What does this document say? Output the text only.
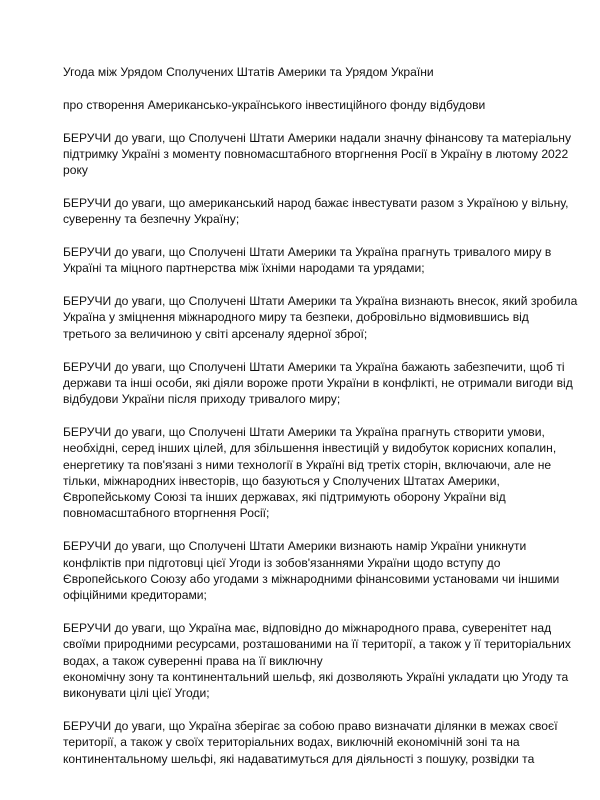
Угода між Урядом Сполучених Штатів Америки та Урядом України

про створення Американсько-українського інвестиційного фонду відбудови

БЕРУЧИ до уваги, що Сполучені Штати Америки надали значну фінансову та матеріальну
підтримку Україні з моменту повномасштабного вторгнення Росії в Україну в лютому 2022
року

БЕРУЧИ до уваги, що американський народ бажає інвестувати разом з Україною у вільну,
суверенну та безпечну Україну;

БЕРУЧИ до уваги, що Сполучені Штати Америки та Україна прагнуть тривалого миру в
Україні та міцного партнерства між їхніми народами та урядами;

БЕРУЧИ до уваги, що Сполучені Штати Америки та Україна визнають внесок, який зробила
Україна у зміцнення міжнародного миру та безпеки, добровільно відмовившись від
третього за величиною у світі арсеналу ядерної зброї;

БЕРУЧИ до уваги, що Сполучені Штати Америки та Україна бажають забезпечити, щоб ті
держави та інші особи, які діяли вороже проти України в конфлікті, не отримали вигоди від
відбудови України після приходу тривалого миру;

БЕРУЧИ до уваги, що Сполучені Штати Америки та Україна прагнуть створити умови,
необхідні, серед інших цілей, для збільшення інвестицій у видобуток корисних копалин,
енергетику та пов'язані з ними технології в Україні від третіх сторін, включаючи, але не
тільки, міжнародних інвесторів, що базуються у Сполучених Штатах Америки,
Європейському Союзі та інших державах, які підтримують оборону України від
повномасштабного вторгнення Росії;

БЕРУЧИ до уваги, що Сполучені Штати Америки визнають намір України уникнути
конфліктів при підготовці цієї Угоди із зобов'язаннями України щодо вступу до
Європейського Союзу або угодами з міжнародними фінансовими установами чи іншими
офіційними кредиторами;

БЕРУЧИ до уваги, що Україна має, відповідно до міжнародного права, суверенітет над
своїми природними ресурсами, розташованими на її території, а також у її територіальних
водах, а також суверенні права на її виключну
економічну зону та континентальний шельф, які дозволяють Україні укладати цю Угоду та
виконувати цілі цієї Угоди;

БЕРУЧИ до уваги, що Україна зберігає за собою право визначати ділянки в межах своєї
території, а також у своїх територіальних водах, виключній економічній зоні та на
континентальному шельфі, які надаватимуться для діяльності з пошуку, розвідки та
